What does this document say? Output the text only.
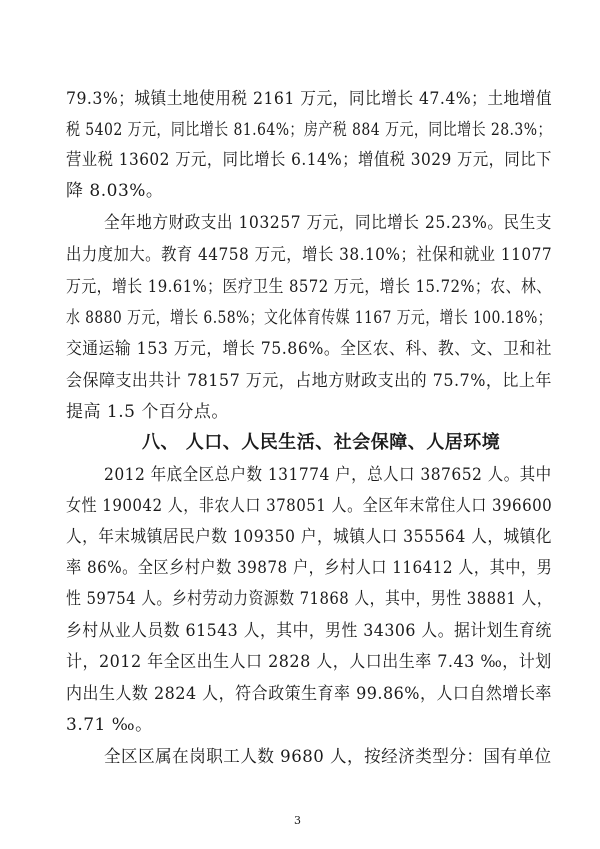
79.3%；城镇土地使用税 2161 万元，同比增长 47.4%；土地增值
税 5402 万元，同比增长 81.64%；房产税 884 万元，同比增长 28.3%；
营业税 13602 万元，同比增长 6.14%；增值税 3029 万元，同比下
降 8.03%。
全年地方财政支出 103257 万元，同比增长 25.23%。民生支
出力度加大。教育 44758 万元，增长 38.10%；社保和就业 11077
万元，增长 19.61%；医疗卫生 8572 万元，增长 15.72%；农、林、
水 8880 万元，增长 6.58%；文化体育传媒 1167 万元，增长 100.18%；
交通运输 153 万元，增长 75.86%。全区农、科、教、文、卫和社
会保障支出共计 78157 万元，占地方财政支出的 75.7%，比上年
提高 1.5 个百分点。
八、 人口、人民生活、社会保障、人居环境
2012 年底全区总户数 131774 户，总人口 387652 人。其中
女性 190042 人，非农人口 378051 人。全区年末常住人口 396600
人，年末城镇居民户数 109350 户，城镇人口 355564 人，城镇化
率 86%。全区乡村户数 39878 户，乡村人口 116412 人，其中，男
性 59754 人。乡村劳动力资源数 71868 人，其中，男性 38881 人，
乡村从业人员数 61543 人，其中，男性 34306 人。据计划生育统
计，2012 年全区出生人口 2828 人，人口出生率 7.43 ‰，计划
内出生人数 2824 人，符合政策生育率 99.86%，人口自然增长率
3.71 ‰。
全区区属在岗职工人数 9680 人，按经济类型分：国有单位
3
